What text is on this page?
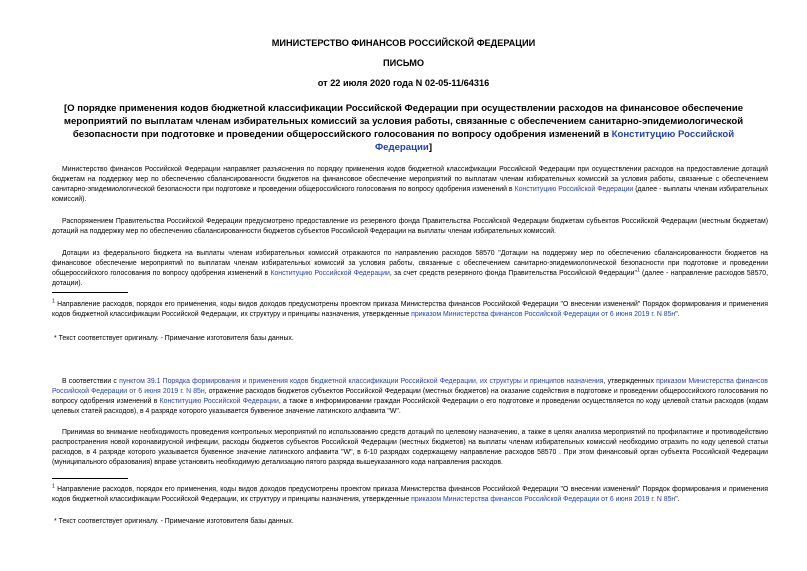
МИНИСТЕРСТВО ФИНАНСОВ РОССИЙСКОЙ ФЕДЕРАЦИИ
ПИСЬМО
от 22 июля 2020 года N 02-05-11/64316
[О порядке применения кодов бюджетной классификации Российской Федерации при осуществлении расходов на финансовое обеспечение мероприятий по выплатам членам избирательных комиссий за условия работы, связанные с обеспечением санитарно-эпидемиологической безопасности при подготовке и проведении общероссийского голосования по вопросу одобрения изменений в Конституцию Российской Федерации]
Министерство финансов Российской Федерации направляет разъяснения по порядку применения кодов бюджетной классификации Российской Федерации при осуществлении расходов на предоставление дотаций бюджетам на поддержку мер по обеспечению сбалансированности бюджетов на финансовое обеспечение мероприятий по выплатам членам избирательных комиссий за условия работы, связанные с обеспечением санитарно-эпидемиологической безопасности при подготовке и проведении общероссийского голосования по вопросу одобрения изменений в Конституцию Российской Федерации (далее - выплаты членам избирательных комиссий).
Распоряжением Правительства Российской Федерации предусмотрено предоставление из резервного фонда Правительства Российской Федерации бюджетам субъектов Российской Федерации (местным бюджетам) дотаций на поддержку мер по обеспечению сбалансированности бюджетов субъектов Российской Федерации на выплаты членам избирательных комиссий.
Дотации из федерального бюджета на выплаты членам избирательных комиссий отражаются по направлению расходов 58570 "Дотации на поддержку мер по обеспечению сбалансированности бюджетов на финансовое обеспечение мероприятий по выплатам членам избирательных комиссий за условия работы, связанные с обеспечением санитарно-эпидемиологической безопасности при подготовке и проведении общероссийского голосования по вопросу одобрения изменений в Конституцию Российской Федерации, за счет средств резервного фонда Правительства Российской Федерации"$^1$ (далее - направление расходов 58570, дотации).
$^1$ Направление расходов, порядок его применения, коды видов доходов предусмотрены проектом приказа Министерства финансов Российской Федерации "О внесении изменений" Порядок формирования и применения кодов бюджетной классификации Российской Федерации, их структуру и принципы назначения, утвержденные приказом Министерства финансов Российской Федерации от 6 июня 2019 г. N 85н".
* Текст соответствует оригиналу. - Примечание изготовителя базы данных.
В соответствии с пунктом 39.1 Порядка формирования и применения кодов бюджетной классификации Российской Федерации, их структуры и принципов назначения, утвержденных приказом Министерства финансов Российской Федерации от 6 июня 2019 г. N 85н, отражение расходов бюджетов субъектов Российской Федерации (местных бюджетов) на оказание содействия в подготовке и проведении общероссийского голосования по вопросу одобрения изменений в Конституцию Российской Федерации, а также в информировании граждан Российской Федерации о его подготовке и проведении осуществляется по коду целевой статьи расходов (кодам целевых статей расходов), в 4 разряде которого указывается буквенное значение латинского алфавита "W".
Принимая во внимание необходимость проведения контрольных мероприятий по использованию средств дотаций по целевому назначению, а также в целях анализа мероприятий по профилактике и противодействию распространения новой коронавирусной инфекции, расходы бюджетов субъектов Российской Федерации (местных бюджетов) на выплаты членам избирательных комиссий необходимо отразить по коду целевой статьи расходов, в 4 разряде которого указывается буквенное значение латинского алфавита "W", в 6-10 разрядах содержащему направление расходов 58570 . При этом финансовый орган субъекта Российской Федерации (муниципального образования) вправе установить необходимую детализацию пятого разряда вышеуказанного кода направления расходов.
$^1$ Направление расходов, порядок его применения, коды видов доходов предусмотрены проектом приказа Министерства финансов Российской Федерации "О внесении изменений" Порядок формирования и применения кодов бюджетной классификации Российской Федерации, их структуру и принципы назначения, утвержденные приказом Министерства финансов Российской Федерации от 6 июня 2019 г. N 85н".
* Текст соответствует оригиналу. - Примечание изготовителя базы данных.
